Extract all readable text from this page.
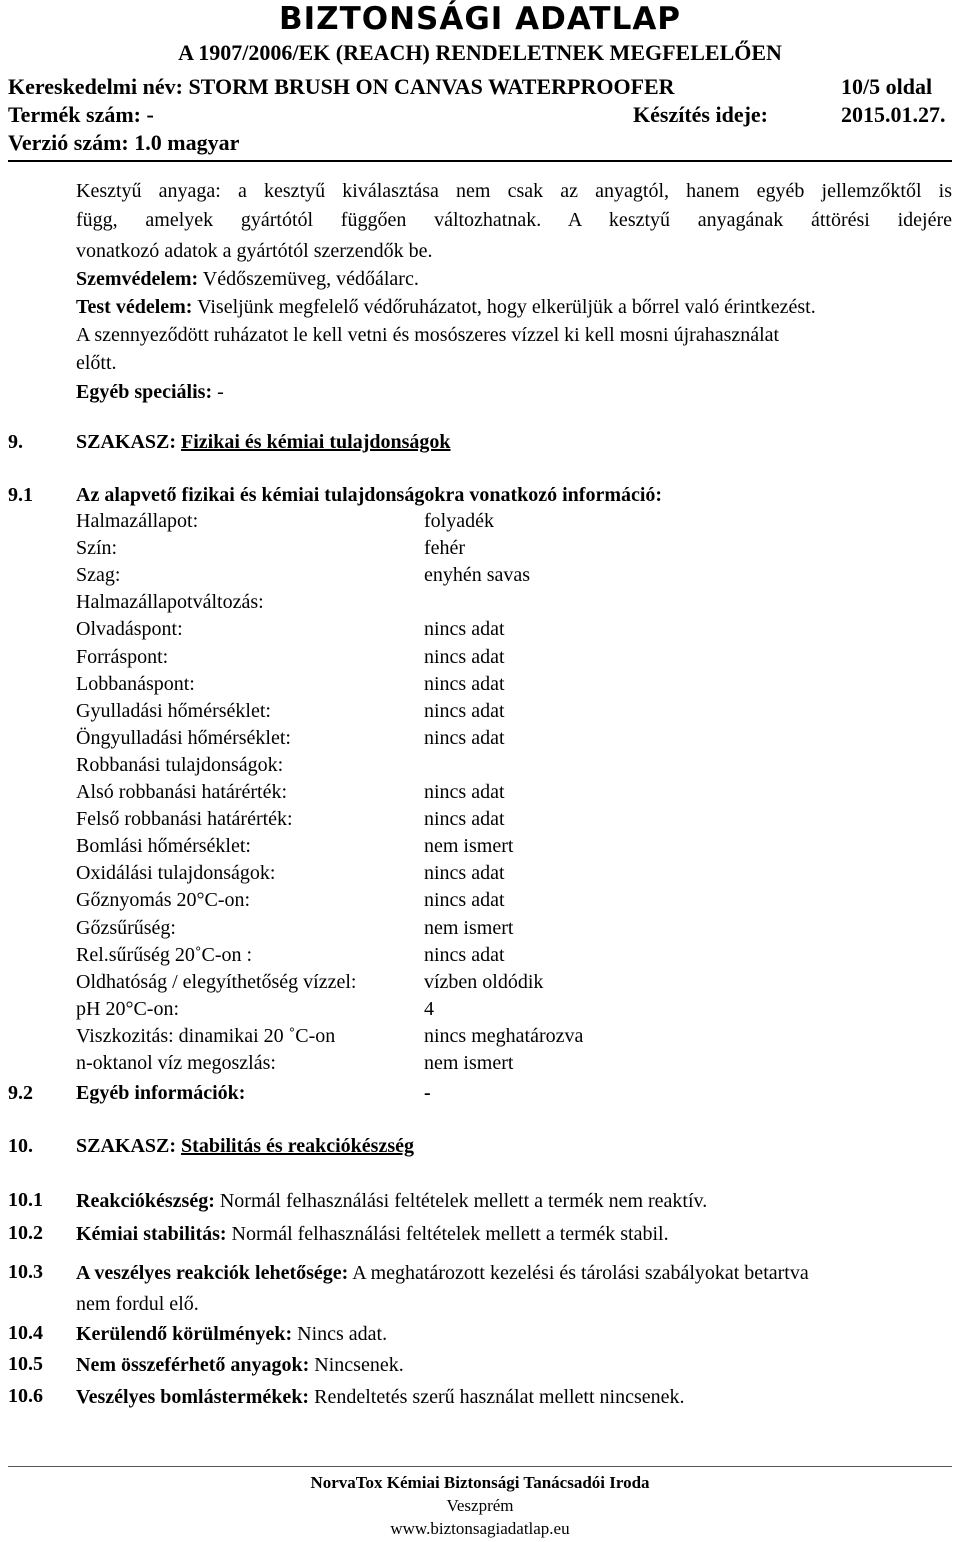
BIZTONSÁGI ADATLAP
A 1907/2006/EK (REACH) RENDELETNEK MEGFELELŐEN
Kereskedelmi név: STORM BRUSH ON CANVAS WATERPROOFER	10/5 oldal
Termék szám: -	Készítés ideje:	2015.01.27.
Verzió szám: 1.0 magyar
Kesztyű anyaga: a kesztyű kiválasztása nem csak az anyagtól, hanem egyéb jellemzőktől is
függ, amelyek gyártótól függően változhatnak. A kesztyű anyagának áttörési idejére
vonatkozó adatok a gyártótól szerzendők be.
Szemvédelem: Védőszemüveg, védőálarc.
Test védelem: Viseljünk megfelelő védőruházatot, hogy elkerüljük a bőrrel való érintkezést.
A szennyeződött ruházatot le kell vetni és mosószeres vízzel ki kell mosni újrahasználat
előtt.
Egyéb speciális: -
9.	SZAKASZ: Fizikai és kémiai tulajdonságok
9.1 Az alapvető fizikai és kémiai tulajdonságokra vonatkozó információ:
Halmazállapot:	folyadék
Szín:	fehér
Szag:	enyhén savas
Halmazállapotváltozás:
Olvadáspont:	nincs adat
Forráspont:	nincs adat
Lobbanáspont:	nincs adat
Gyulladási hőmérséklet:	nincs adat
Öngyulladási hőmérséklet:	nincs adat
Robbanási tulajdonságok:
Alsó robbanási határérték:	nincs adat
Felső robbanási határérték:	nincs adat
Bomlási hőmérséklet:	nem ismert
Oxidálási tulajdonságok:	nincs adat
Gőznyomás 20°C-on:	nincs adat
Gőzsűrűség:	nem ismert
Rel.sűrűség 20˚C-on :	nincs adat
Oldhatóság / elegyíthetőség vízzel:	vízben oldódik
pH 20°C-on:	4
Viszkozitás: dinamikai 20 ˚C-on	nincs meghatározva
n-oktanol víz megoszlás:	nem ismert
9.2 Egyéb információk:	-
10. SZAKASZ: Stabilitás és reakciókészség
10.1 Reakciókészség: Normál felhasználási feltételek mellett a termék nem reaktív.
10.2 Kémiai stabilitás: Normál felhasználási feltételek mellett a termék stabil.
10.3 A veszélyes reakciók lehetősége: A meghatározott kezelési és tárolási szabályokat betartva
nem fordul elő.
10.4 Kerülendő körülmények: Nincs adat.
10.5 Nem összeférhető anyagok: Nincsenek.
10.6 Veszélyes bomlástermékek: Rendeltetés szerű használat mellett nincsenek.
NorvaTox Kémiai Biztonsági Tanácsadói Iroda
Veszprém
www.biztonsagiadatlap.eu
